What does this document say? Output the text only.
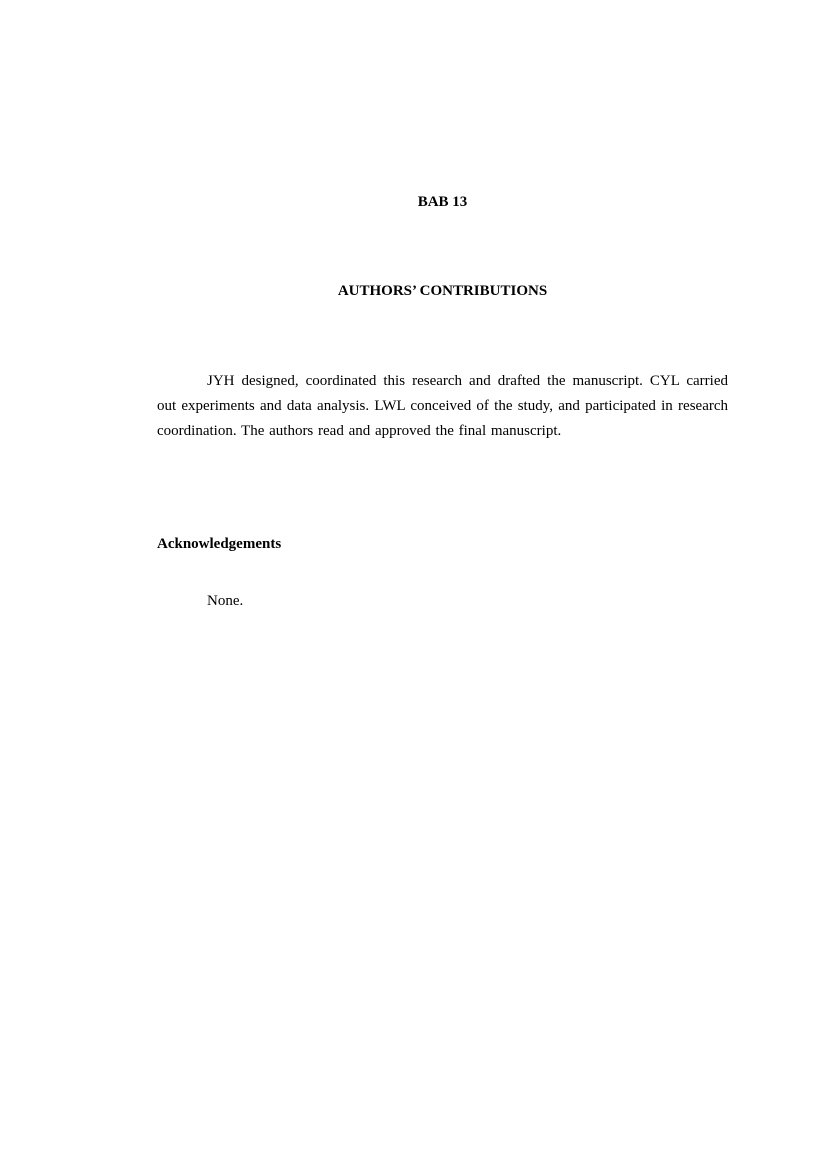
BAB 13
AUTHORS’ CONTRIBUTIONS

JYH designed, coordinated this research and drafted the manuscript. CYL carried out experiments and data analysis. LWL conceived of the study, and participated in research coordination. The authors read and approved the final manuscript.

Acknowledgements

None.
